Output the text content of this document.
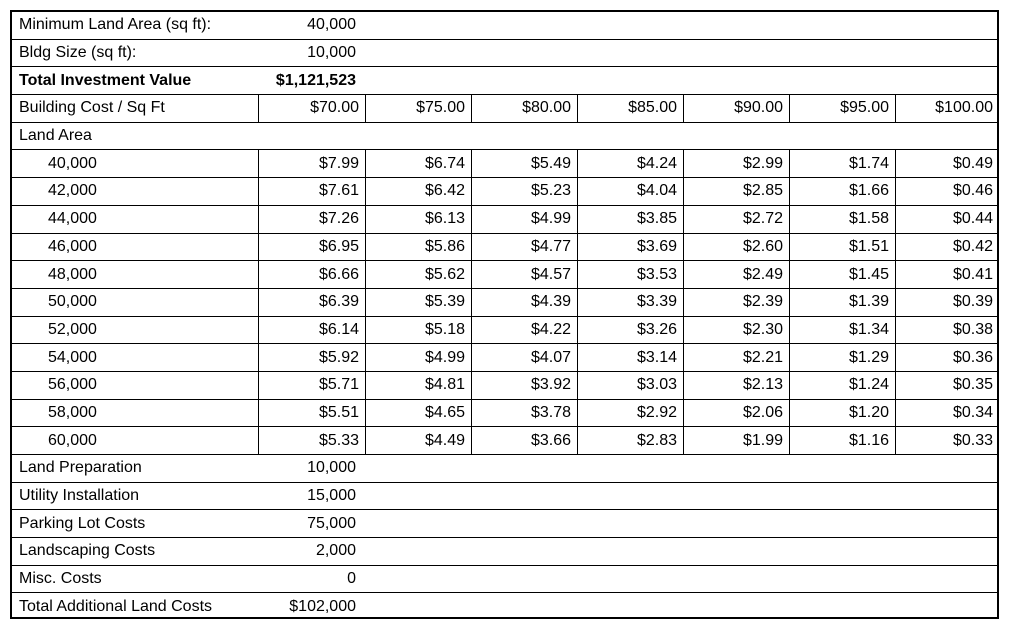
Minimum Land Area (sq ft):	40,000
Bldg Size (sq ft):	10,000
Total Investment Value	$1,121,523
Building Cost / Sq Ft	$70.00	$75.00	$80.00	$85.00	$90.00	$95.00	$100.00
Land Area
40,000	$7.99	$6.74	$5.49	$4.24	$2.99	$1.74	$0.49
42,000	$7.61	$6.42	$5.23	$4.04	$2.85	$1.66	$0.46
44,000	$7.26	$6.13	$4.99	$3.85	$2.72	$1.58	$0.44
46,000	$6.95	$5.86	$4.77	$3.69	$2.60	$1.51	$0.42
48,000	$6.66	$5.62	$4.57	$3.53	$2.49	$1.45	$0.41
50,000	$6.39	$5.39	$4.39	$3.39	$2.39	$1.39	$0.39
52,000	$6.14	$5.18	$4.22	$3.26	$2.30	$1.34	$0.38
54,000	$5.92	$4.99	$4.07	$3.14	$2.21	$1.29	$0.36
56,000	$5.71	$4.81	$3.92	$3.03	$2.13	$1.24	$0.35
58,000	$5.51	$4.65	$3.78	$2.92	$2.06	$1.20	$0.34
60,000	$5.33	$4.49	$3.66	$2.83	$1.99	$1.16	$0.33
Land Preparation	10,000
Utility Installation	15,000
Parking Lot Costs	75,000
Landscaping Costs	2,000
Misc. Costs	0
Total Additional Land Costs	$102,000
